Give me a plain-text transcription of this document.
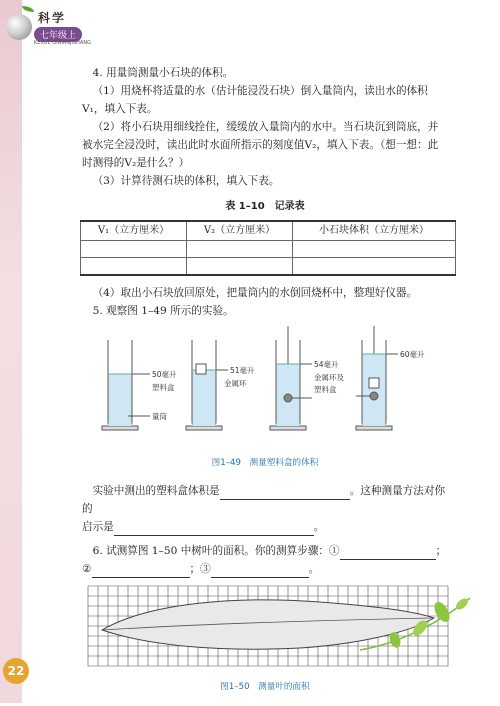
科学
七年级上
KEXUE QINIANJISHANG

4. 用量筒测量小石块的体积。

（1）用烧杯将适量的水（估计能浸没石块）倒入量筒内，读出水的体积V₁，填入下表。

（2）将小石块用细线拴住，缓缓放入量筒内的水中。当石块沉到筒底，并被水完全浸没时，读出此时水面所指示的刻度值V₂，填入下表。（想一想：此时测得的V₂是什么？）

（3）计算待测石块的体积，填入下表。

表 1–10　记录表
V₁（立方厘米）	V₂（立方厘米）	小石块体积（立方厘米）

（4）取出小石块放回原处，把量筒内的水倒回烧杯中，整理好仪器。

5. 观察图 1–49 所示的实验。

50毫升
塑料盒
量筒
51毫升
金属环
54毫升
金属环及
塑料盒
60毫升
图1–49　测量塑料盒的体积

实验中测出的塑料盒体积是	。这种测量方法对你的

启示是	。

6. 试测算图 1–50 中树叶的面积。你的测算步骤：①	；

②	；③	。

图1–50　测量叶的面积
22
